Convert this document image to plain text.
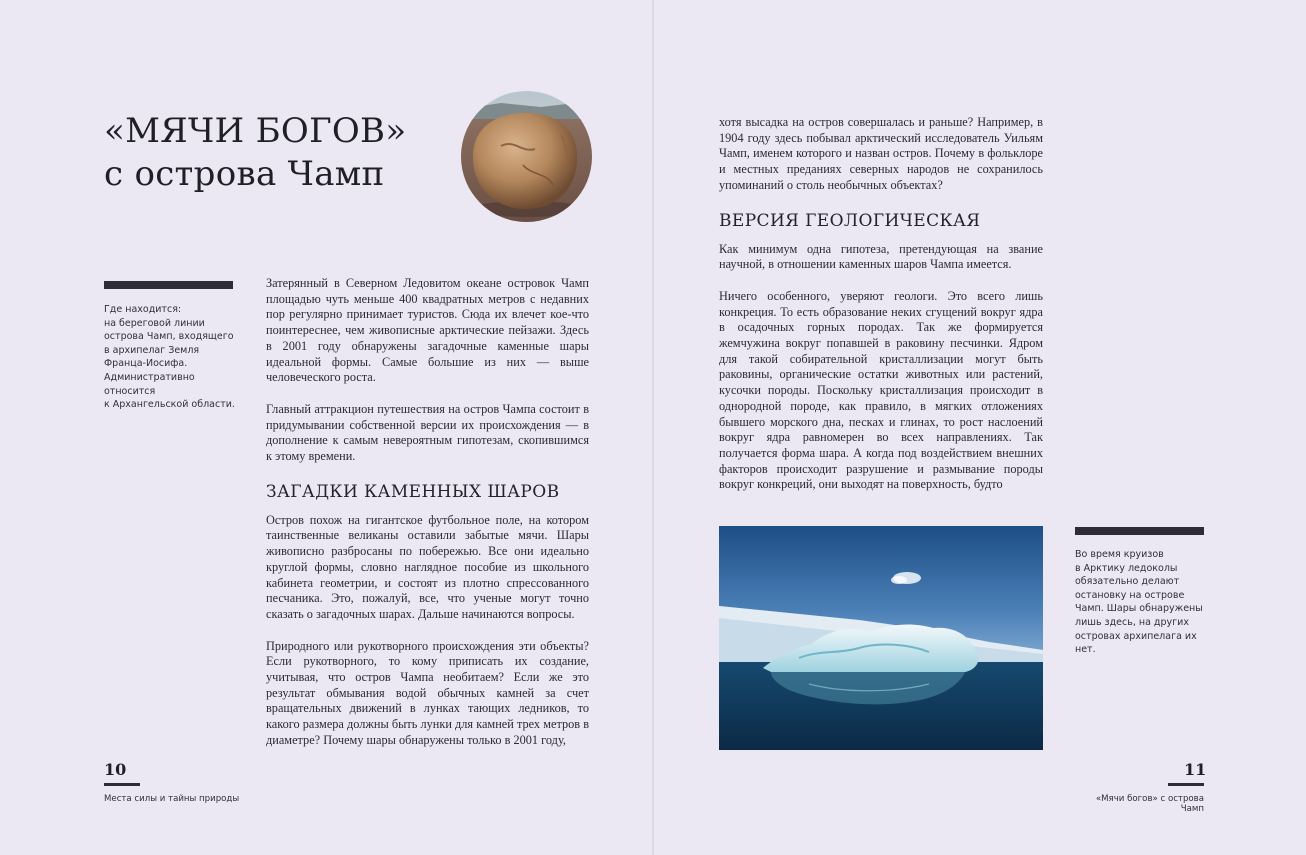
«МЯЧИ БОГОВ»
с острова Чамп

Где находится:
на береговой линии
острова Чамп, входящего
в архипелаг Земля
Франца-Иосифа.
Административно
относится
к Архангельской области.

Затерянный в Северном Ледовитом океане островок Чамп площадью чуть меньше 400 квадратных метров с недавних пор регулярно принимает туристов. Сюда их влечет кое-что поинтереснее, чем живописные арктические пейзажи. Здесь в 2001 году обнаружены загадочные каменные шары идеальной формы. Самые большие из них — выше человеческого роста.

Главный аттракцион путешествия на остров Чампа состоит в придумывании собственной версии их происхождения — в дополнение к самым невероятным гипотезам, скопившимся к этому времени.

ЗАГАДКИ КАМЕННЫХ ШАРОВ

Остров похож на гигантское футбольное поле, на котором таинственные великаны оставили забытые мячи. Шары живописно разбросаны по побережью. Все они идеально круглой формы, словно наглядное пособие из школьного кабинета геометрии, и состоят из плотно спрессованного песчаника. Это, пожалуй, все, что ученые могут точно сказать о загадочных шарах. Дальше начинаются вопросы.

Природного или рукотворного происхождения эти объекты? Если рукотворного, то кому приписать их создание, учитывая, что остров Чампа необитаем? Если же это результат обмывания водой обычных камней за счет вращательных движений в лунках тающих ледников, то какого размера должны быть лунки для камней трех метров в диаметре? Почему шары обнаружены только в 2001 году,

10

Места силы и тайны природы

хотя высадка на остров совершалась и раньше? Например, в 1904 году здесь побывал арктический исследователь Уильям Чамп, именем которого и назван остров. Почему в фольклоре и местных преданиях северных народов не сохранилось упоминаний о столь необычных объектах?

ВЕРСИЯ ГЕОЛОГИЧЕСКАЯ

Как минимум одна гипотеза, претендующая на звание научной, в отношении каменных шаров Чампа имеется.

Ничего особенного, уверяют геологи. Это всего лишь конкреция. То есть образование неких сгущений вокруг ядра в осадочных горных породах. Так же формируется жемчужина вокруг попавшей в раковину песчинки. Ядром для такой собирательной кристаллизации могут быть раковины, органические остатки животных или растений, кусочки породы. Поскольку кристаллизация происходит в однородной породе, как правило, в мягких отложениях бывшего морского дна, песках и глинах, то рост наслоений вокруг ядра равномерен во всех направлениях. Так получается форма шара. А когда под воздействием внешних факторов происходит разрушение и размывание породы вокруг конкреций, они выходят на поверхность, будто

Во время круизов
в Арктику ледоколы
обязательно делают
остановку на острове
Чамп. Шары обнаружены
лишь здесь, на других
островах архипелага их
нет.

11

«Мячи богов» с острова Чамп
